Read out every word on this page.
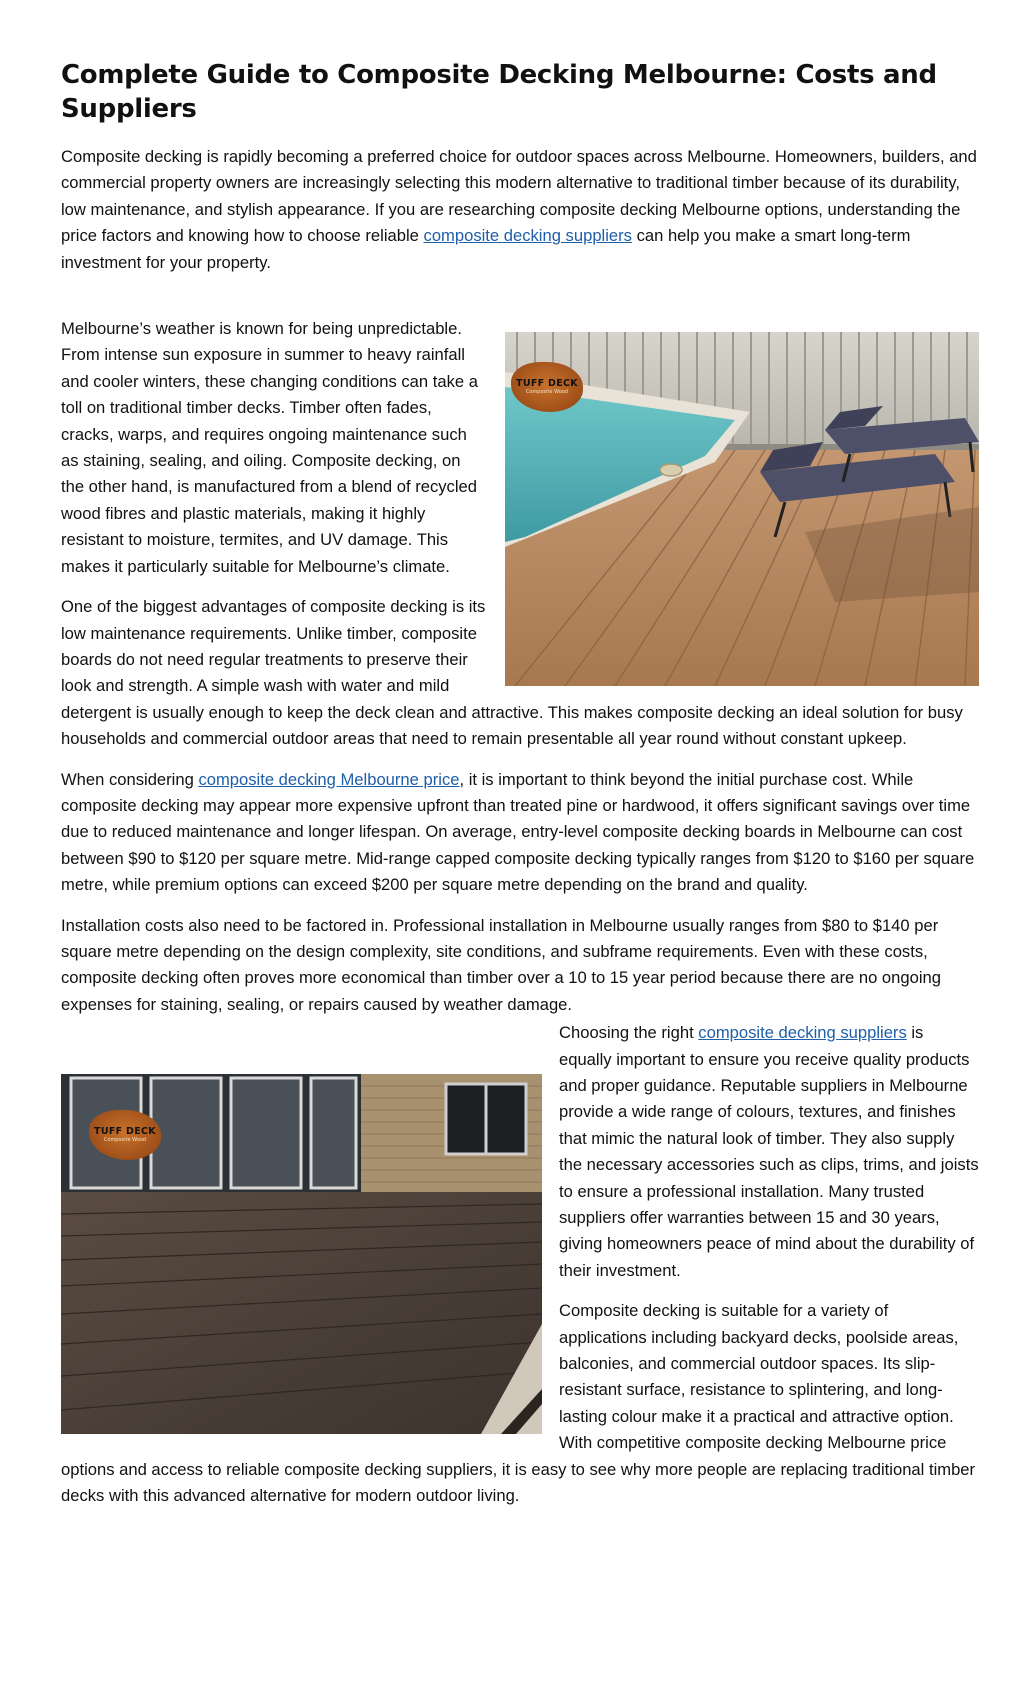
Complete Guide to Composite Decking Melbourne: Costs and Suppliers

Composite decking is rapidly becoming a preferred choice for outdoor spaces across Melbourne. Homeowners, builders, and commercial property owners are increasingly selecting this modern alternative to traditional timber because of its durability, low maintenance, and stylish appearance. If you are researching composite decking Melbourne options, understanding the price factors and knowing how to choose reliable composite decking suppliers can help you make a smart long-term investment for your property.

TUFF DECK
Composite Wood

Melbourne’s weather is known for being unpredictable. From intense sun exposure in summer to heavy rainfall and cooler winters, these changing conditions can take a toll on traditional timber decks. Timber often fades, cracks, warps, and requires ongoing maintenance such as staining, sealing, and oiling. Composite decking, on the other hand, is manufactured from a blend of recycled wood fibres and plastic materials, making it highly resistant to moisture, termites, and UV damage. This makes it particularly suitable for Melbourne’s climate.

One of the biggest advantages of composite decking is its low maintenance requirements. Unlike timber, composite boards do not need regular treatments to preserve their look and strength. A simple wash with water and mild detergent is usually enough to keep the deck clean and attractive. This makes composite decking an ideal solution for busy households and commercial outdoor areas that need to remain presentable all year round without constant upkeep.

When considering composite decking Melbourne price, it is important to think beyond the initial purchase cost. While composite decking may appear more expensive upfront than treated pine or hardwood, it offers significant savings over time due to reduced maintenance and longer lifespan. On average, entry-level composite decking boards in Melbourne can cost between $90 to $120 per square metre. Mid-range capped composite decking typically ranges from $120 to $160 per square metre, while premium options can exceed $200 per square metre depending on the brand and quality.

Installation costs also need to be factored in. Professional installation in Melbourne usually ranges from $80 to $140 per square metre depending on the design complexity, site conditions, and subframe requirements. Even with these costs, composite decking often proves more economical than timber over a 10 to 15 year period because there are no ongoing expenses for staining, sealing, or repairs caused by weather damage.

TUFF DECK
Composite Wood

Choosing the right composite decking suppliers is equally important to ensure you receive quality products and proper guidance. Reputable suppliers in Melbourne provide a wide range of colours, textures, and finishes that mimic the natural look of timber. They also supply the necessary accessories such as clips, trims, and joists to ensure a professional installation. Many trusted suppliers offer warranties between 15 and 30 years, giving homeowners peace of mind about the durability of their investment.

Composite decking is suitable for a variety of applications including backyard decks, poolside areas, balconies, and commercial outdoor spaces. Its slip-resistant surface, resistance to splintering, and long-lasting colour make it a practical and attractive option. With competitive composite decking Melbourne price options and access to reliable composite decking suppliers, it is easy to see why more people are replacing traditional timber decks with this advanced alternative for modern outdoor living.
